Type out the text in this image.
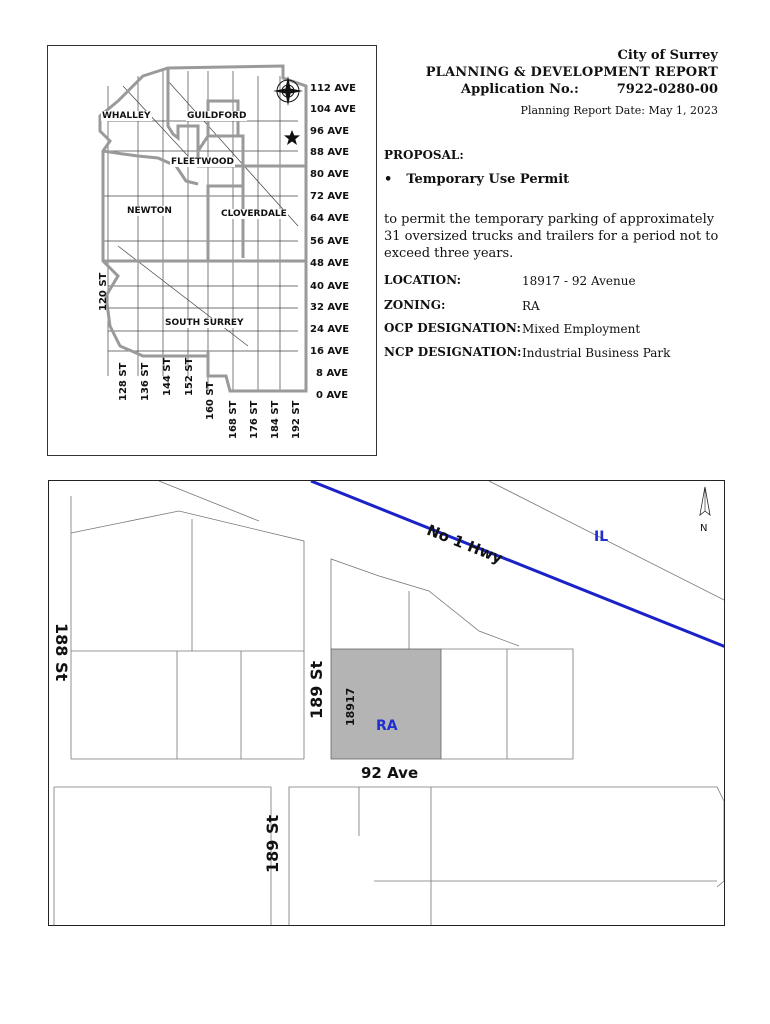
WHALLEY	GUILDFORD
FLEETWOOD
NEWTON	CLOVERDALE
SOUTH SURREY
112 AVE
104 AVE
96 AVE
88 AVE
80 AVE
72 AVE
64 AVE
56 AVE
48 AVE
40 AVE
32 AVE
24 AVE
16 AVE
8 AVE
0 AVE
120 ST
128 ST 136 ST 144 ST 152 ST
160 ST 168 ST 176 ST 184 ST 192 ST
City of Surrey
PLANNING & DEVELOPMENT REPORT
Application No.:	7922-0280-00
Planning Report Date: May 1, 2023
PROPOSAL:
• Temporary Use Permit
to permit the temporary parking of approximately 31 oversized trucks and trailers for a period not to exceed three years.
LOCATION:	18917 - 92 Avenue
ZONING:	RA
OCP DESIGNATION: Mixed Employment
NCP DESIGNATION: Industrial Business Park
188 St
189 St
189 St
92 Ave
No 1 Hwy	IL
RA
18917
N
